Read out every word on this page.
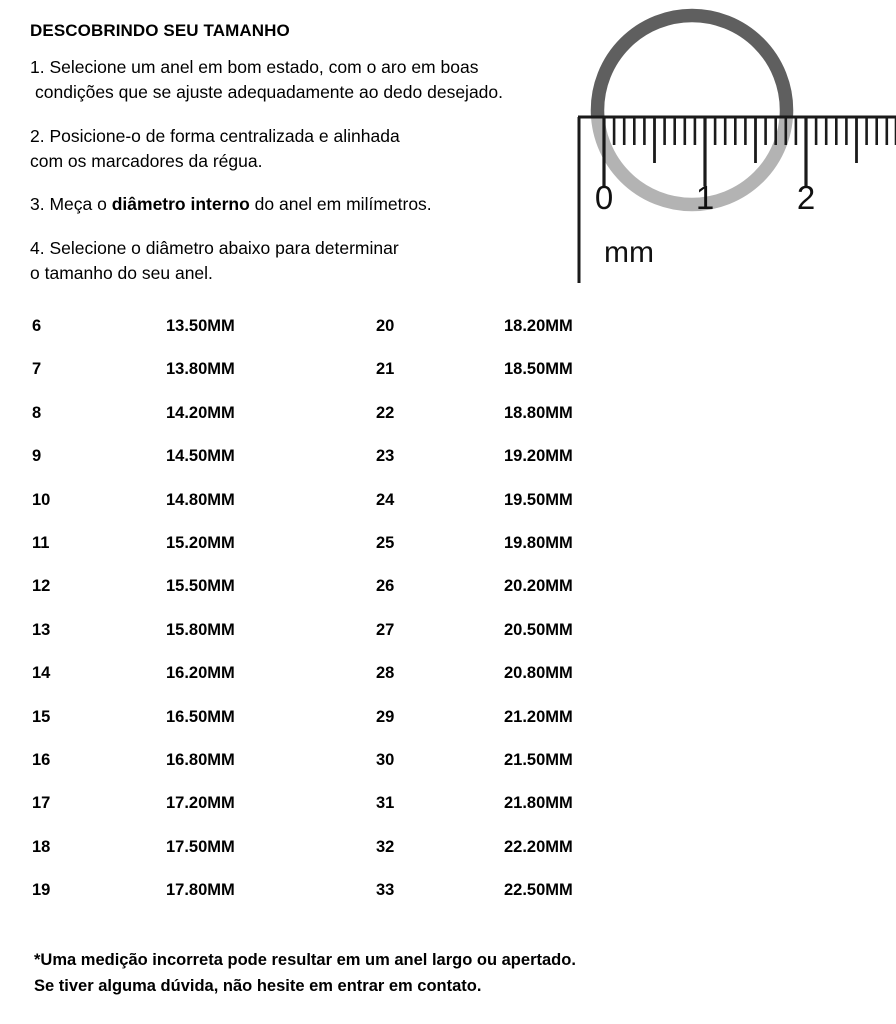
DESCOBRINDO SEU TAMANHO
1. Selecione um anel em bom estado, com o aro em boas
condições que se ajuste adequadamente ao dedo desejado.
2. Posicione-o de forma centralizada e alinhada
com os marcadores da régua.
3. Meça o diâmetro interno do anel em milímetros.
4. Selecione o diâmetro abaixo para determinar
o tamanho do seu anel.
0	1	2
mm
6	13.50MM	20	18.20MM
7	13.80MM	21	18.50MM
8	14.20MM	22	18.80MM
9	14.50MM	23	19.20MM
10	14.80MM	24	19.50MM
11	15.20MM	25	19.80MM
12	15.50MM	26	20.20MM
13	15.80MM	27	20.50MM
14	16.20MM	28	20.80MM
15	16.50MM	29	21.20MM
16	16.80MM	30	21.50MM
17	17.20MM	31	21.80MM
18	17.50MM	32	22.20MM
19	17.80MM	33	22.50MM
*Uma medição incorreta pode resultar em um anel largo ou apertado.
Se tiver alguma dúvida, não hesite em entrar em contato.
